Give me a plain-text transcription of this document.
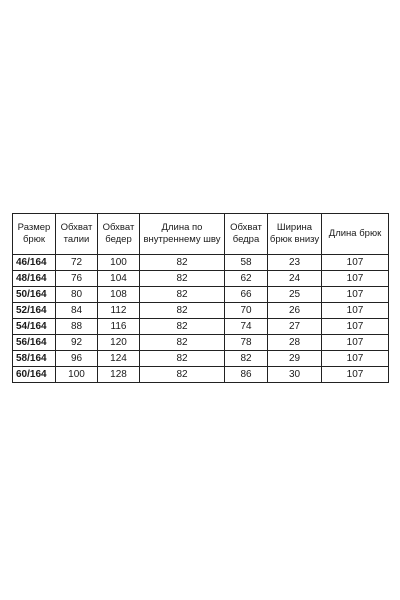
Размер брюк	Обхват талии	Обхват бедер	Длина по внутреннему шву	Обхват бедра	Ширина брюк внизу	Длина брюк
46/164	72	100	82	58	23	107
48/164	76	104	82	62	24	107
50/164	80	108	82	66	25	107
52/164	84	112	82	70	26	107
54/164	88	116	82	74	27	107
56/164	92	120	82	78	28	107
58/164	96	124	82	82	29	107
60/164	100	128	82	86	30	107
